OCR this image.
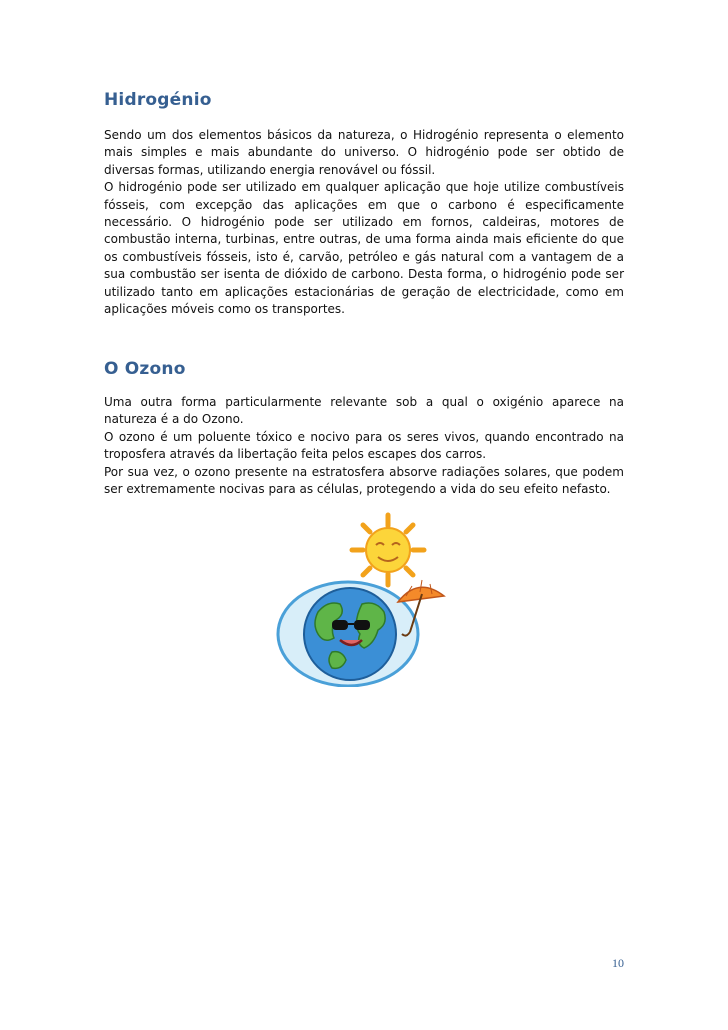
Hidrogénio

Sendo um dos elementos básicos da natureza, o Hidrogénio representa o elemento mais simples e mais abundante do universo. O hidrogénio pode ser obtido de diversas formas, utilizando energia renovável ou fóssil.

O hidrogénio pode ser utilizado em qualquer aplicação que hoje utilize combustíveis fósseis, com excepção das aplicações em que o carbono é especificamente necessário. O hidrogénio pode ser utilizado em fornos, caldeiras, motores de combustão interna, turbinas, entre outras, de uma forma ainda mais eficiente do que os combustíveis fósseis, isto é, carvão, petróleo e gás natural com a vantagem de a sua combustão ser isenta de dióxido de carbono. Desta forma, o hidrogénio pode ser utilizado tanto em aplicações estacionárias de geração de electricidade, como em aplicações móveis como os transportes.

O Ozono

Uma outra forma particularmente relevante sob a qual o oxigénio aparece na natureza é a do Ozono.

O ozono é um poluente tóxico e nocivo para os seres vivos, quando encontrado na troposfera através da libertação feita pelos escapes dos carros.

Por sua vez, o ozono presente na estratosfera absorve radiações solares, que podem ser extremamente nocivas para as células, protegendo a vida do seu efeito nefasto.

10
